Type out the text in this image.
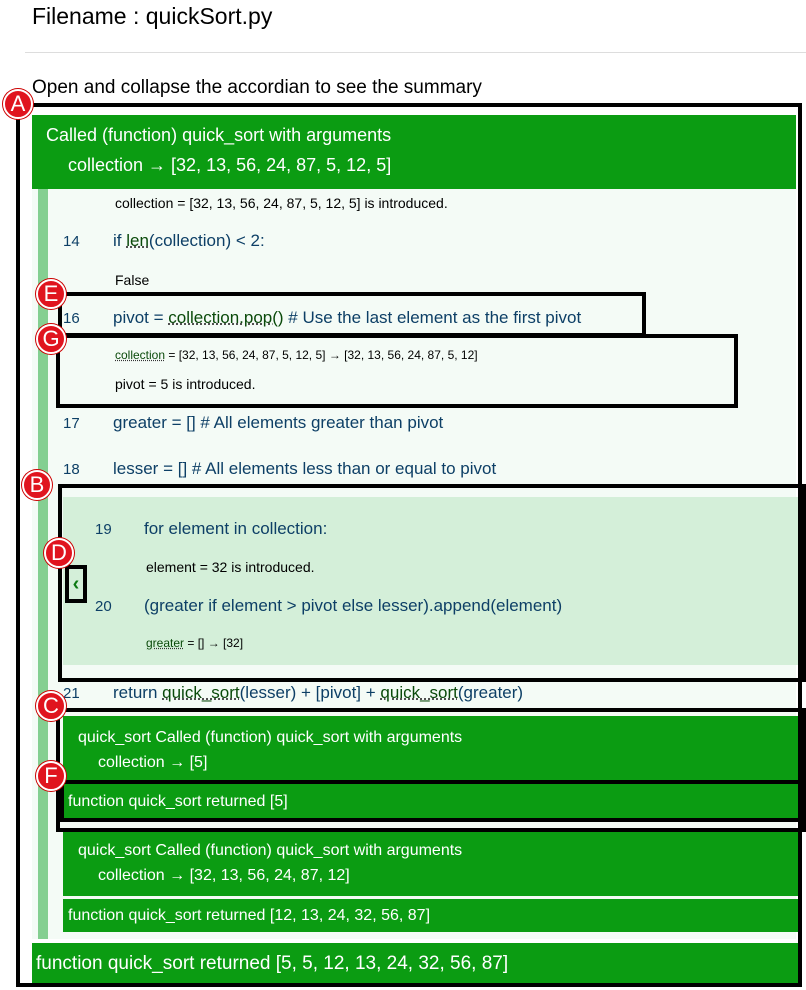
Filename : quickSort.py
Open and collapse the accordian to see the summary
Called (function) quick_sort with arguments
collection → [32, 13, 56, 24, 87, 5, 12, 5]
collection = [32, 13, 56, 24, 87, 5, 12, 5] is introduced.
14 if len(collection) < 2:
False
16 pivot = collection.pop() # Use the last element as the first pivot
collection = [32, 13, 56, 24, 87, 5, 12, 5] → [32, 13, 56, 24, 87, 5, 12]
pivot = 5 is introduced.
17 greater = [] # All elements greater than pivot
18 lesser = [] # All elements less than or equal to pivot
19 for element in collection:
element = 32 is introduced.
20 (greater if element > pivot else lesser).append(element)
greater = [] → [32]
‹
21 return quick_sort(lesser) + [pivot] + quick_sort(greater)
quick_sort Called (function) quick_sort with arguments
collection → [5]
function quick_sort returned [5]
quick_sort Called (function) quick_sort with arguments
collection → [32, 13, 56, 24, 87, 12]
function quick_sort returned [12, 13, 24, 32, 56, 87]
function quick_sort returned [5, 5, 12, 13, 24, 32, 56, 87]
A
E
G
B
D
C
F
